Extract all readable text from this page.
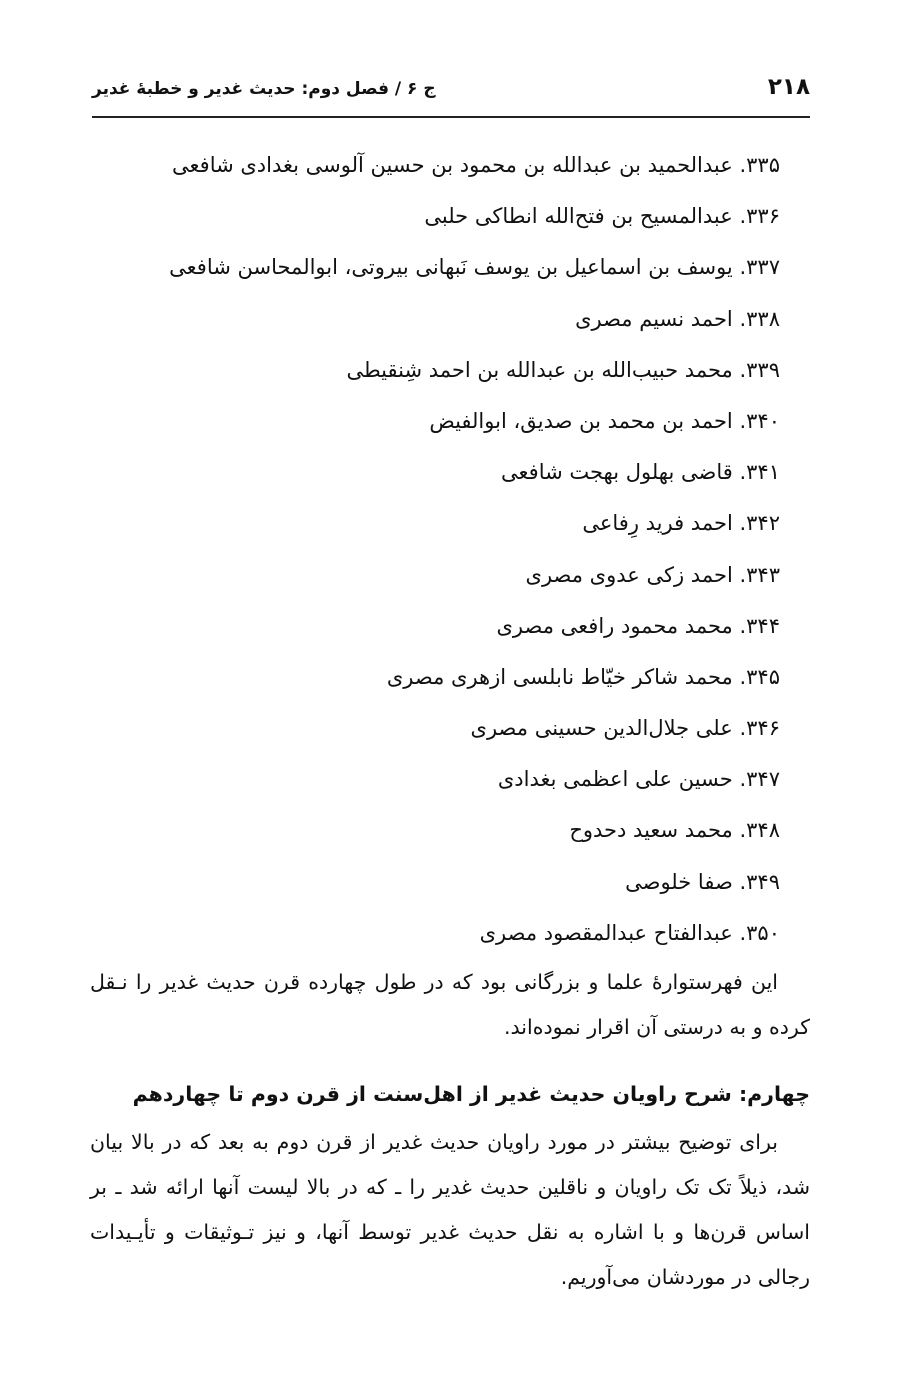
۲۱۸
ج ۶ / فصل دوم: حدیث غدیر و خطبهٔ غدیر
۳۳۵. عبدالحمید بن عبدالله بن محمود بن حسین آلوسی بغدادی شافعی
۳۳۶. عبدالمسیح بن فتح‌الله انطاکی حلبی
۳۳۷. یوسف بن اسماعیل بن یوسف نَبهانی بیروتی، ابوالمحاسن شافعی
۳۳۸. احمد نسیم مصری
۳۳۹. محمد حبیب‌الله بن عبدالله بن احمد شِنقیطی
۳۴۰. احمد بن محمد بن صدیق، ابوالفیض
۳۴۱. قاضی بهلول بهجت شافعی
۳۴۲. احمد فرید رِفاعی
۳۴۳. احمد زکی عدوی مصری
۳۴۴. محمد محمود رافعی مصری
۳۴۵. محمد شاکر خیّاط نابلسی ازهری مصری
۳۴۶. علی جلال‌الدین حسینی مصری
۳۴۷. حسین علی اعظمی بغدادی
۳۴۸. محمد سعید دحدوح
۳۴۹. صفا خلوصی
۳۵۰. عبدالفتاح عبدالمقصود مصری

این فهرستوارهٔ علما و بزرگانی بود که در طول چهارده قرن حدیث غدیر را نـقل کرده و به درستی آن اقرار نموده‌اند.

چهارم: شرح راویان حدیث غدیر از اهل‌سنت از قرن دوم تا چهاردهم

برای توضیح بیشتر در مورد راویان حدیث غدیر از قرن دوم به بعد که در بالا بیان شد، ذیلاً تک تک راویان و ناقلین حدیث غدیر را ـ که در بالا لیست آنها ارائه شد ـ بر اساس قرن‌ها و با اشاره به نقل حدیث غدیر توسط آنها، و نیز تـوثیقات و تأیـیدات رجالی در موردشان می‌آوریم.
